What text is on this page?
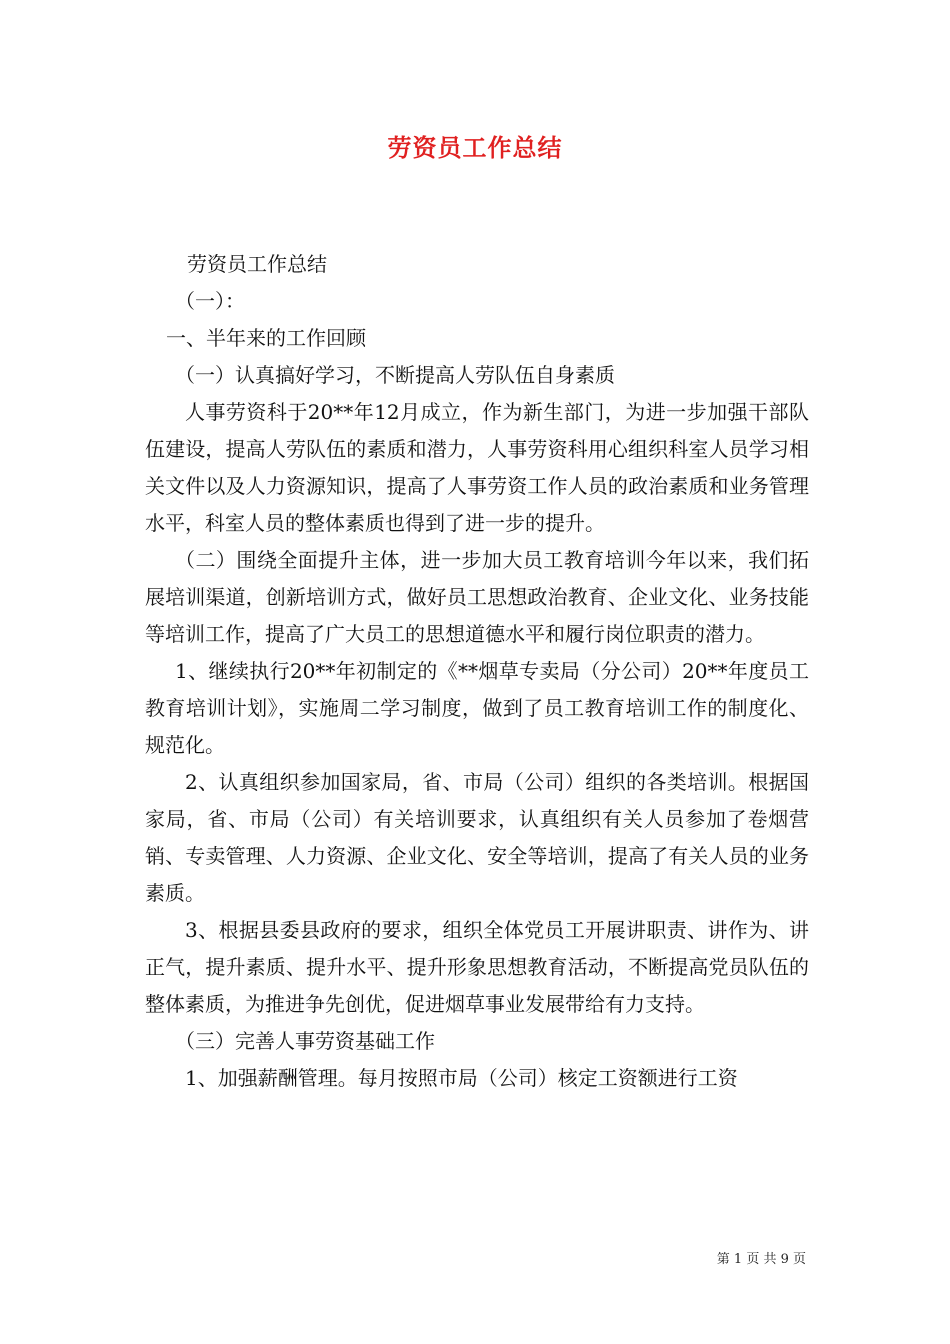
劳资员工作总结

劳资员工作总结

（一）：

一、半年来的工作回顾

（一）认真搞好学习，不断提高人劳队伍自身素质

人事劳资科于20**年12月成立，作为新生部门，为进一步加强干部队伍建设，提高人劳队伍的素质和潜力，人事劳资科用心组织科室人员学习相关文件以及人力资源知识，提高了人事劳资工作人员的政治素质和业务管理水平，科室人员的整体素质也得到了进一步的提升。

（二）围绕全面提升主体，进一步加大员工教育培训今年以来，我们拓展培训渠道，创新培训方式，做好员工思想政治教育、企业文化、业务技能等培训工作，提高了广大员工的思想道德水平和履行岗位职责的潜力。

1、继续执行20**年初制定的《**烟草专卖局（分公司）20**年度员工教育培训计划》，实施周二学习制度，做到了员工教育培训工作的制度化、规范化。

2、认真组织参加国家局，省、市局（公司）组织的各类培训。根据国家局，省、市局（公司）有关培训要求，认真组织有关人员参加了卷烟营销、专卖管理、人力资源、企业文化、安全等培训，提高了有关人员的业务素质。

3、根据县委县政府的要求，组织全体党员工开展讲职责、讲作为、讲正气，提升素质、提升水平、提升形象思想教育活动，不断提高党员队伍的整体素质，为推进争先创优，促进烟草事业发展带给有力支持。

（三）完善人事劳资基础工作

1、加强薪酬管理。每月按照市局（公司）核定工资额进行工资

第 1 页 共 9 页
